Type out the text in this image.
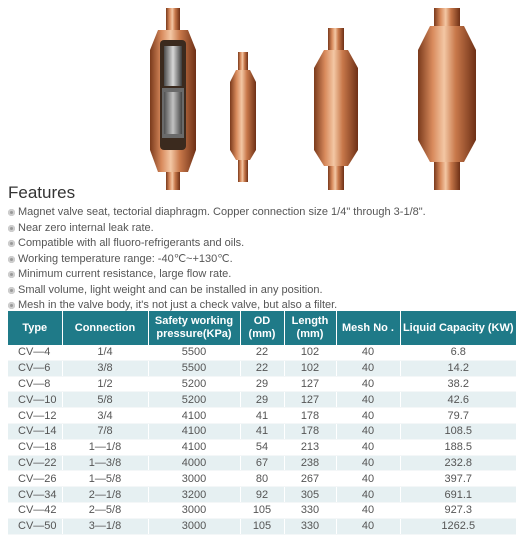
Features
Magnet valve seat, tectorial diaphragm. Copper connection size 1/4" through 3-1/8".
Near zero internal leak rate.
Compatible with all fluoro-refrigerants and oils.
Working temperature range: -40℃~+130℃.
Minimum current resistance, large flow rate.
Small volume, light weight and can be installed in any position.
Mesh in the valve body, it's not just a check valve, but also a filter.
Type	Connection	Safety working pressure(KPa)	OD (mm)	Length (mm)	Mesh No .	Liquid Capacity (KW)
CV—4	1/4	5500	22	102	40	6.8
CV—6	3/8	5500	22	102	40	14.2
CV—8	1/2	5200	29	127	40	38.2
CV—10	5/8	5200	29	127	40	42.6
CV—12	3/4	4100	41	178	40	79.7
CV—14	7/8	4100	41	178	40	108.5
CV—18	1—1/8	4100	54	213	40	188.5
CV—22	1—3/8	4000	67	238	40	232.8
CV—26	1—5/8	3000	80	267	40	397.7
CV—34	2—1/8	3200	92	305	40	691.1
CV—42	2—5/8	3000	105	330	40	927.3
CV—50	3—1/8	3000	105	330	40	1262.5
